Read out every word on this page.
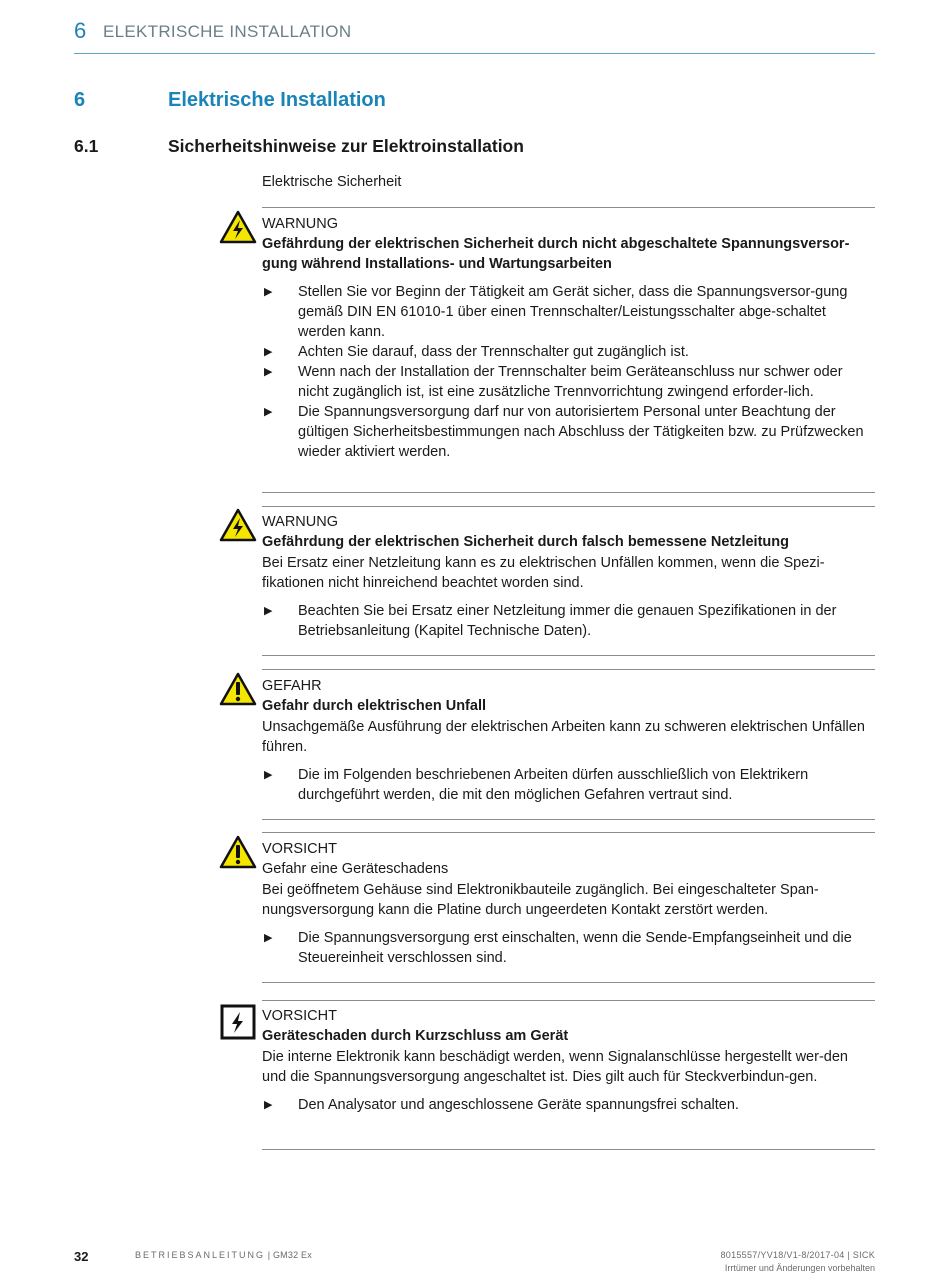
6 ELEKTRISCHE INSTALLATION
6	Elektrische Installation
6.1	Sicherheitshinweise zur Elektroinstallation
Elektrische Sicherheit
WARNUNG
Gefährdung der elektrischen Sicherheit durch nicht abgeschaltete Spannungsversor-gung während Installations- und Wartungsarbeiten
▶ Stellen Sie vor Beginn der Tätigkeit am Gerät sicher, dass die Spannungsversor-gung gemäß DIN EN 61010-1 über einen Trennschalter/Leistungsschalter abge-schaltet werden kann.
▶ Achten Sie darauf, dass der Trennschalter gut zugänglich ist.
▶ Wenn nach der Installation der Trennschalter beim Geräteanschluss nur schwer oder nicht zugänglich ist, ist eine zusätzliche Trennvorrichtung zwingend erforder-lich.
▶ Die Spannungsversorgung darf nur von autorisiertem Personal unter Beachtung der gültigen Sicherheitsbestimmungen nach Abschluss der Tätigkeiten bzw. zu Prüfzwecken wieder aktiviert werden.
WARNUNG
Gefährdung der elektrischen Sicherheit durch falsch bemessene Netzleitung
Bei Ersatz einer Netzleitung kann es zu elektrischen Unfällen kommen, wenn die Spezi-fikationen nicht hinreichend beachtet worden sind.
▶ Beachten Sie bei Ersatz einer Netzleitung immer die genauen Spezifikationen in der Betriebsanleitung (Kapitel Technische Daten).
GEFAHR
Gefahr durch elektrischen Unfall
Unsachgemäße Ausführung der elektrischen Arbeiten kann zu schweren elektrischen Unfällen führen.
▶ Die im Folgenden beschriebenen Arbeiten dürfen ausschließlich von Elektrikern durchgeführt werden, die mit den möglichen Gefahren vertraut sind.
VORSICHT
Gefahr eine Geräteschadens
Bei geöffnetem Gehäuse sind Elektronikbauteile zugänglich. Bei eingeschalteter Span-nungsversorgung kann die Platine durch ungeerdeten Kontakt zerstört werden.
▶ Die Spannungsversorgung erst einschalten, wenn die Sende-Empfangseinheit und die Steuereinheit verschlossen sind.
VORSICHT
Geräteschaden durch Kurzschluss am Gerät
Die interne Elektronik kann beschädigt werden, wenn Signalanschlüsse hergestellt wer-den und die Spannungsversorgung angeschaltet ist. Dies gilt auch für Steckverbindun-gen.
▶ Den Analysator und angeschlossene Geräte spannungsfrei schalten.
32	BETRIEBSANLEITUNG | GM32 Ex	8015557/YV18/V1-8/2017-04 | SICK
Irrtümer und Änderungen vorbehalten
